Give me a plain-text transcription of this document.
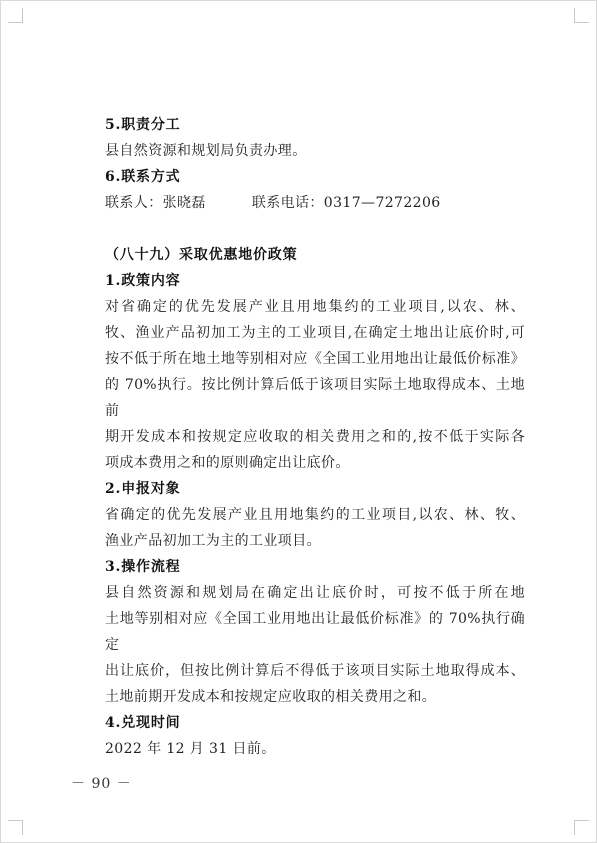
5.职责分工
县自然资源和规划局负责办理。
6.联系方式
联系人：张晓磊	联系电话：0317—7272206
（八十九）采取优惠地价政策
1.政策内容
对省确定的优先发展产业且用地集约的工业项目,以农、林、
牧、渔业产品初加工为主的工业项目,在确定土地出让底价时,可
按不低于所在地土地等别相对应《全国工业用地出让最低价标准》
的 70%执行。按比例计算后低于该项目实际土地取得成本、土地前
期开发成本和按规定应收取的相关费用之和的,按不低于实际各
项成本费用之和的原则确定出让底价。
2.申报对象
省确定的优先发展产业且用地集约的工业项目,以农、林、牧、
渔业产品初加工为主的工业项目。
3.操作流程
县自然资源和规划局在确定出让底价时，可按不低于所在地
土地等别相对应《全国工业用地出让最低价标准》的 70%执行确定
出让底价，但按比例计算后不得低于该项目实际土地取得成本、
土地前期开发成本和按规定应收取的相关费用之和。
4.兑现时间
2022 年 12 月 31 日前。
－ 90 －
